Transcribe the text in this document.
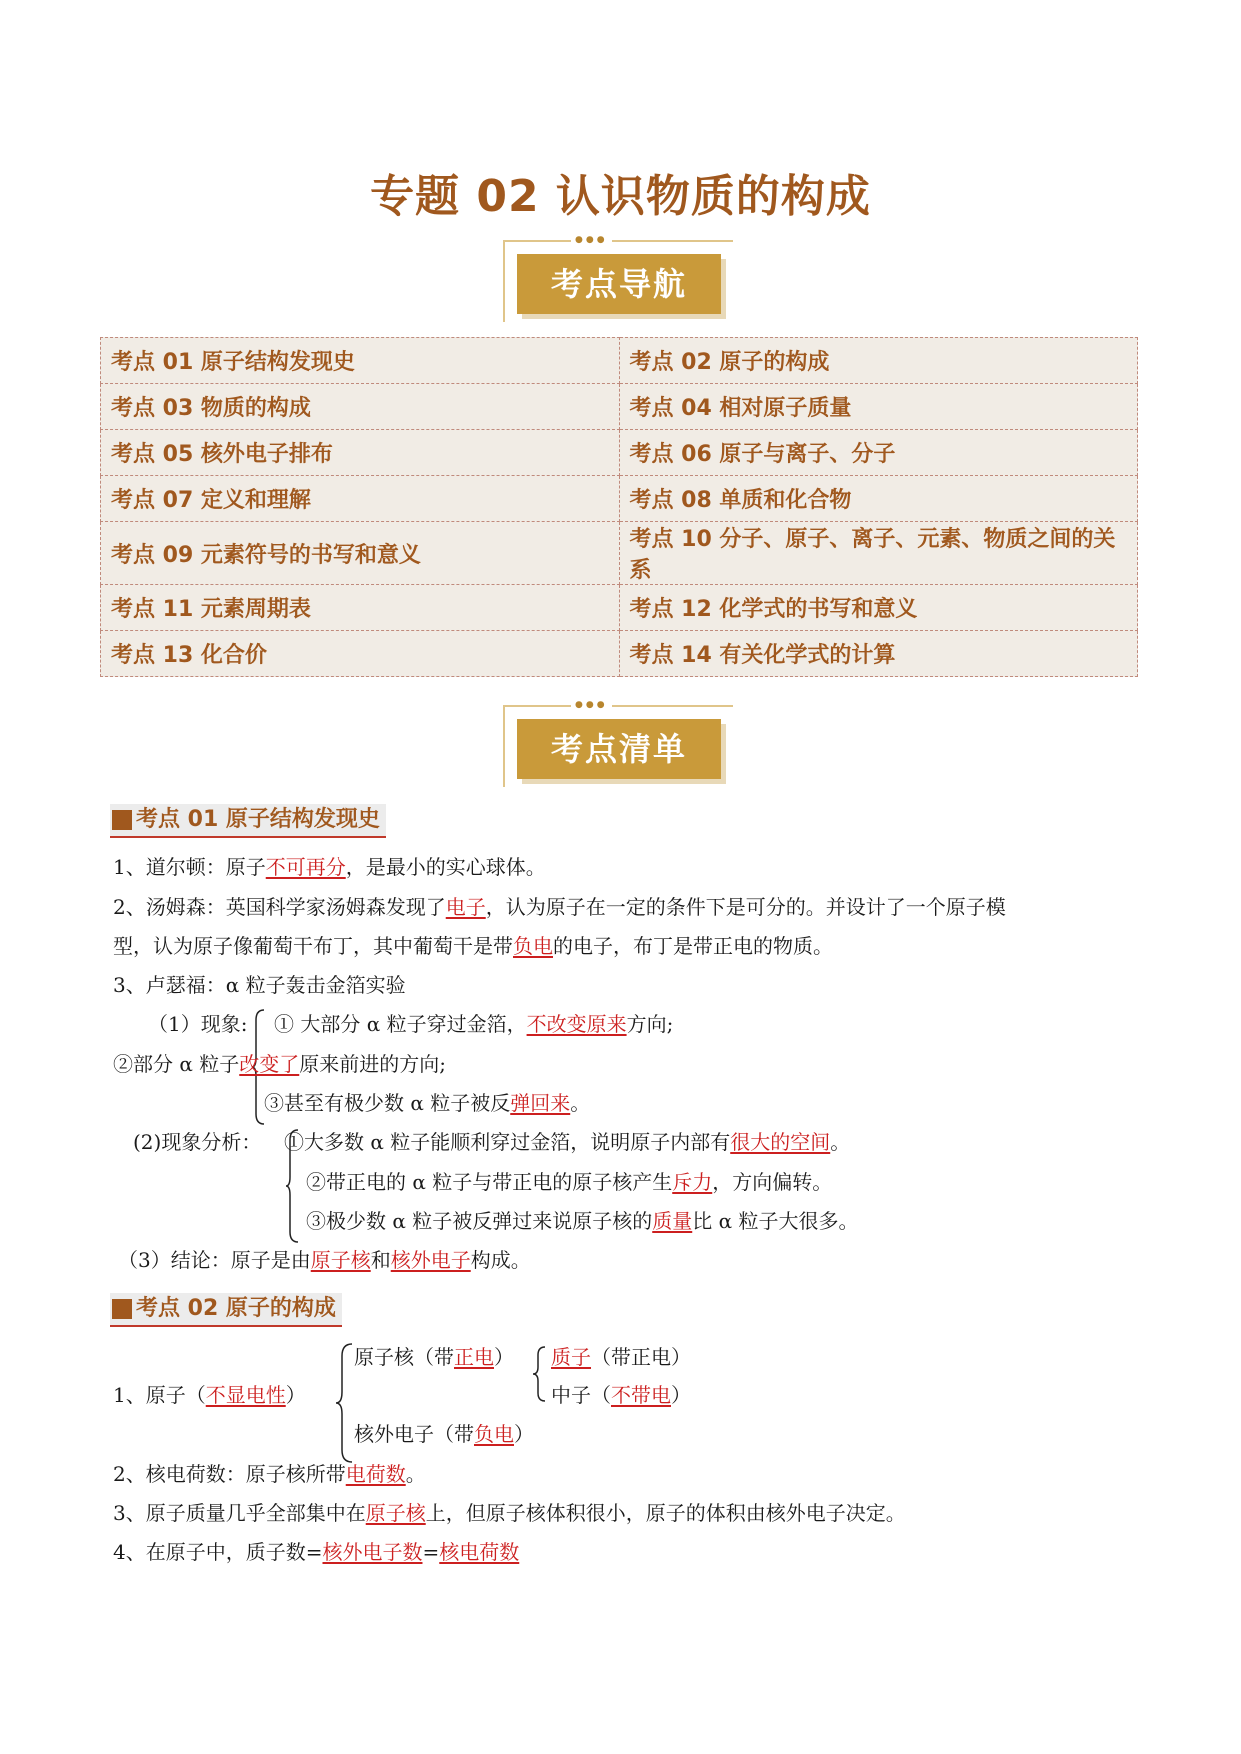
专题 02 认识物质的构成
●●●
考点导航
考点 01 原子结构发现史	考点 02 原子的构成
考点 03 物质的构成	考点 04 相对原子质量
考点 05 核外电子排布	考点 06 原子与离子、分子
考点 07 定义和理解	考点 08 单质和化合物
考点 09 元素符号的书写和意义	考点 10 分子、原子、离子、元素、物质之间的关系
考点 11 元素周期表	考点 12 化学式的书写和意义
考点 13 化合价	考点 14 有关化学式的计算
●●●
考点清单
考点 01 原子结构发现史
1、道尔顿：原子不可再分，是最小的实心球体。
2、汤姆森：英国科学家汤姆森发现了电子，认为原子在一定的条件下是可分的。并设计了一个原子模
型，认为原子像葡萄干布丁，其中葡萄干是带负电的电子，布丁是带正电的物质。
3、卢瑟福：α 粒子轰击金箔实验
（1）现象: ① 大部分 α 粒子穿过金箔，不改变原来方向;
②部分 α 粒子改变了原来前进的方向;
③甚至有极少数 α 粒子被反弹回来。
(2)现象分析： ①大多数 α 粒子能顺利穿过金箔，说明原子内部有很大的空间。
②带正电的 α 粒子与带正电的原子核产生斥力，方向偏转。
③极少数 α 粒子被反弹过来说原子核的质量比 α 粒子大很多。
（3）结论：原子是由原子核和核外电子构成。
考点 02 原子的构成
1、原子（不显电性）
原子核（带正电） 质子（带正电）
中子（不带电）
核外电子（带负电）
2、核电荷数：原子核所带电荷数。
3、原子质量几乎全部集中在原子核上，但原子核体积很小，原子的体积由核外电子决定。
4、在原子中，质子数=核外电子数=核电荷数
